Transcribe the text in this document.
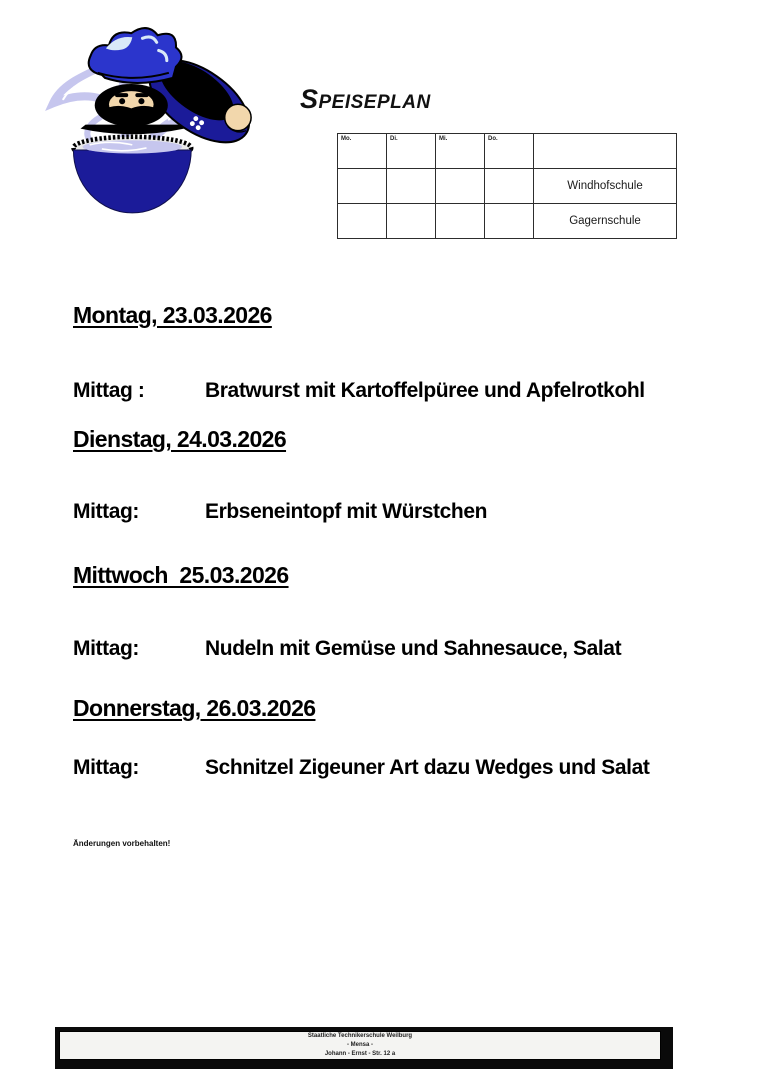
Speiseplan
Mo.	Di.	Mi.	Do.	
				Windhofschule
				Gagernschule
Montag, 23.03.2026
Mittag :	Bratwurst mit Kartoffelpüree und Apfelrotkohl
Dienstag, 24.03.2026
Mittag:	Erbseneintopf mit Würstchen
Mittwoch  25.03.2026
Mittag:	Nudeln mit Gemüse und Sahnesauce, Salat
Donnerstag, 26.03.2026
Mittag:	Schnitzel Zigeuner Art dazu Wedges und Salat
Änderungen vorbehalten!
Staatliche Technikerschule Weilburg
- Mensa -
Johann - Ernst - Str. 12 a
